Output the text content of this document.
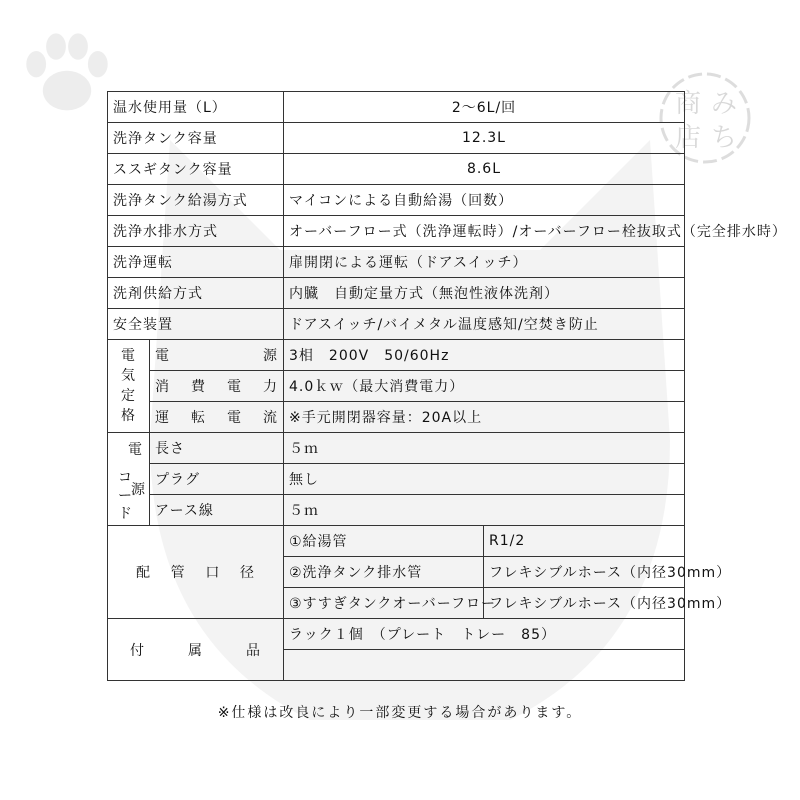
み
ち
商
店
温水使用量（L）		2～6L/回	
洗浄タンク容量		12.3L	
ススギタンク容量		8.6L	
洗浄タンク給湯方式		マイコンによる自動給湯（回数）	
洗浄水排水方式		オーバーフロー式（洗浄運転時）/オーバーフロー栓抜取式（完全排水時）	
洗浄運転		扉開閉による運転（ドアスイッチ）	
洗剤供給方式		内臓　自動定量方式（無泡性液体洗剤）	
安全装置		ドアスイッチ/バイメタル温度感知/空焚き防止	

電
気
定
格	電 源	3相　200V　50/60Hz	

	消 費 電 力	4.0ｋｗ（最大消費電力）	

	運 転 電 流	※手元開閉器容量：20A以上	

電
コ
ー
ド
源	長さ	５ｍ	
	プラグ	無し	
	アース線	５ｍ	

配 管 口 径		①給湯管	R1/2
		②洗浄タンク排水管	フレキシブルホース（内径30mm）
		③すすぎタンクオーバーフロー	フレキシブルホース（内径30mm）

付 属 品		ラック１個　（プレート　トレー　85）	

※仕様は改良により一部変更する場合があります。
